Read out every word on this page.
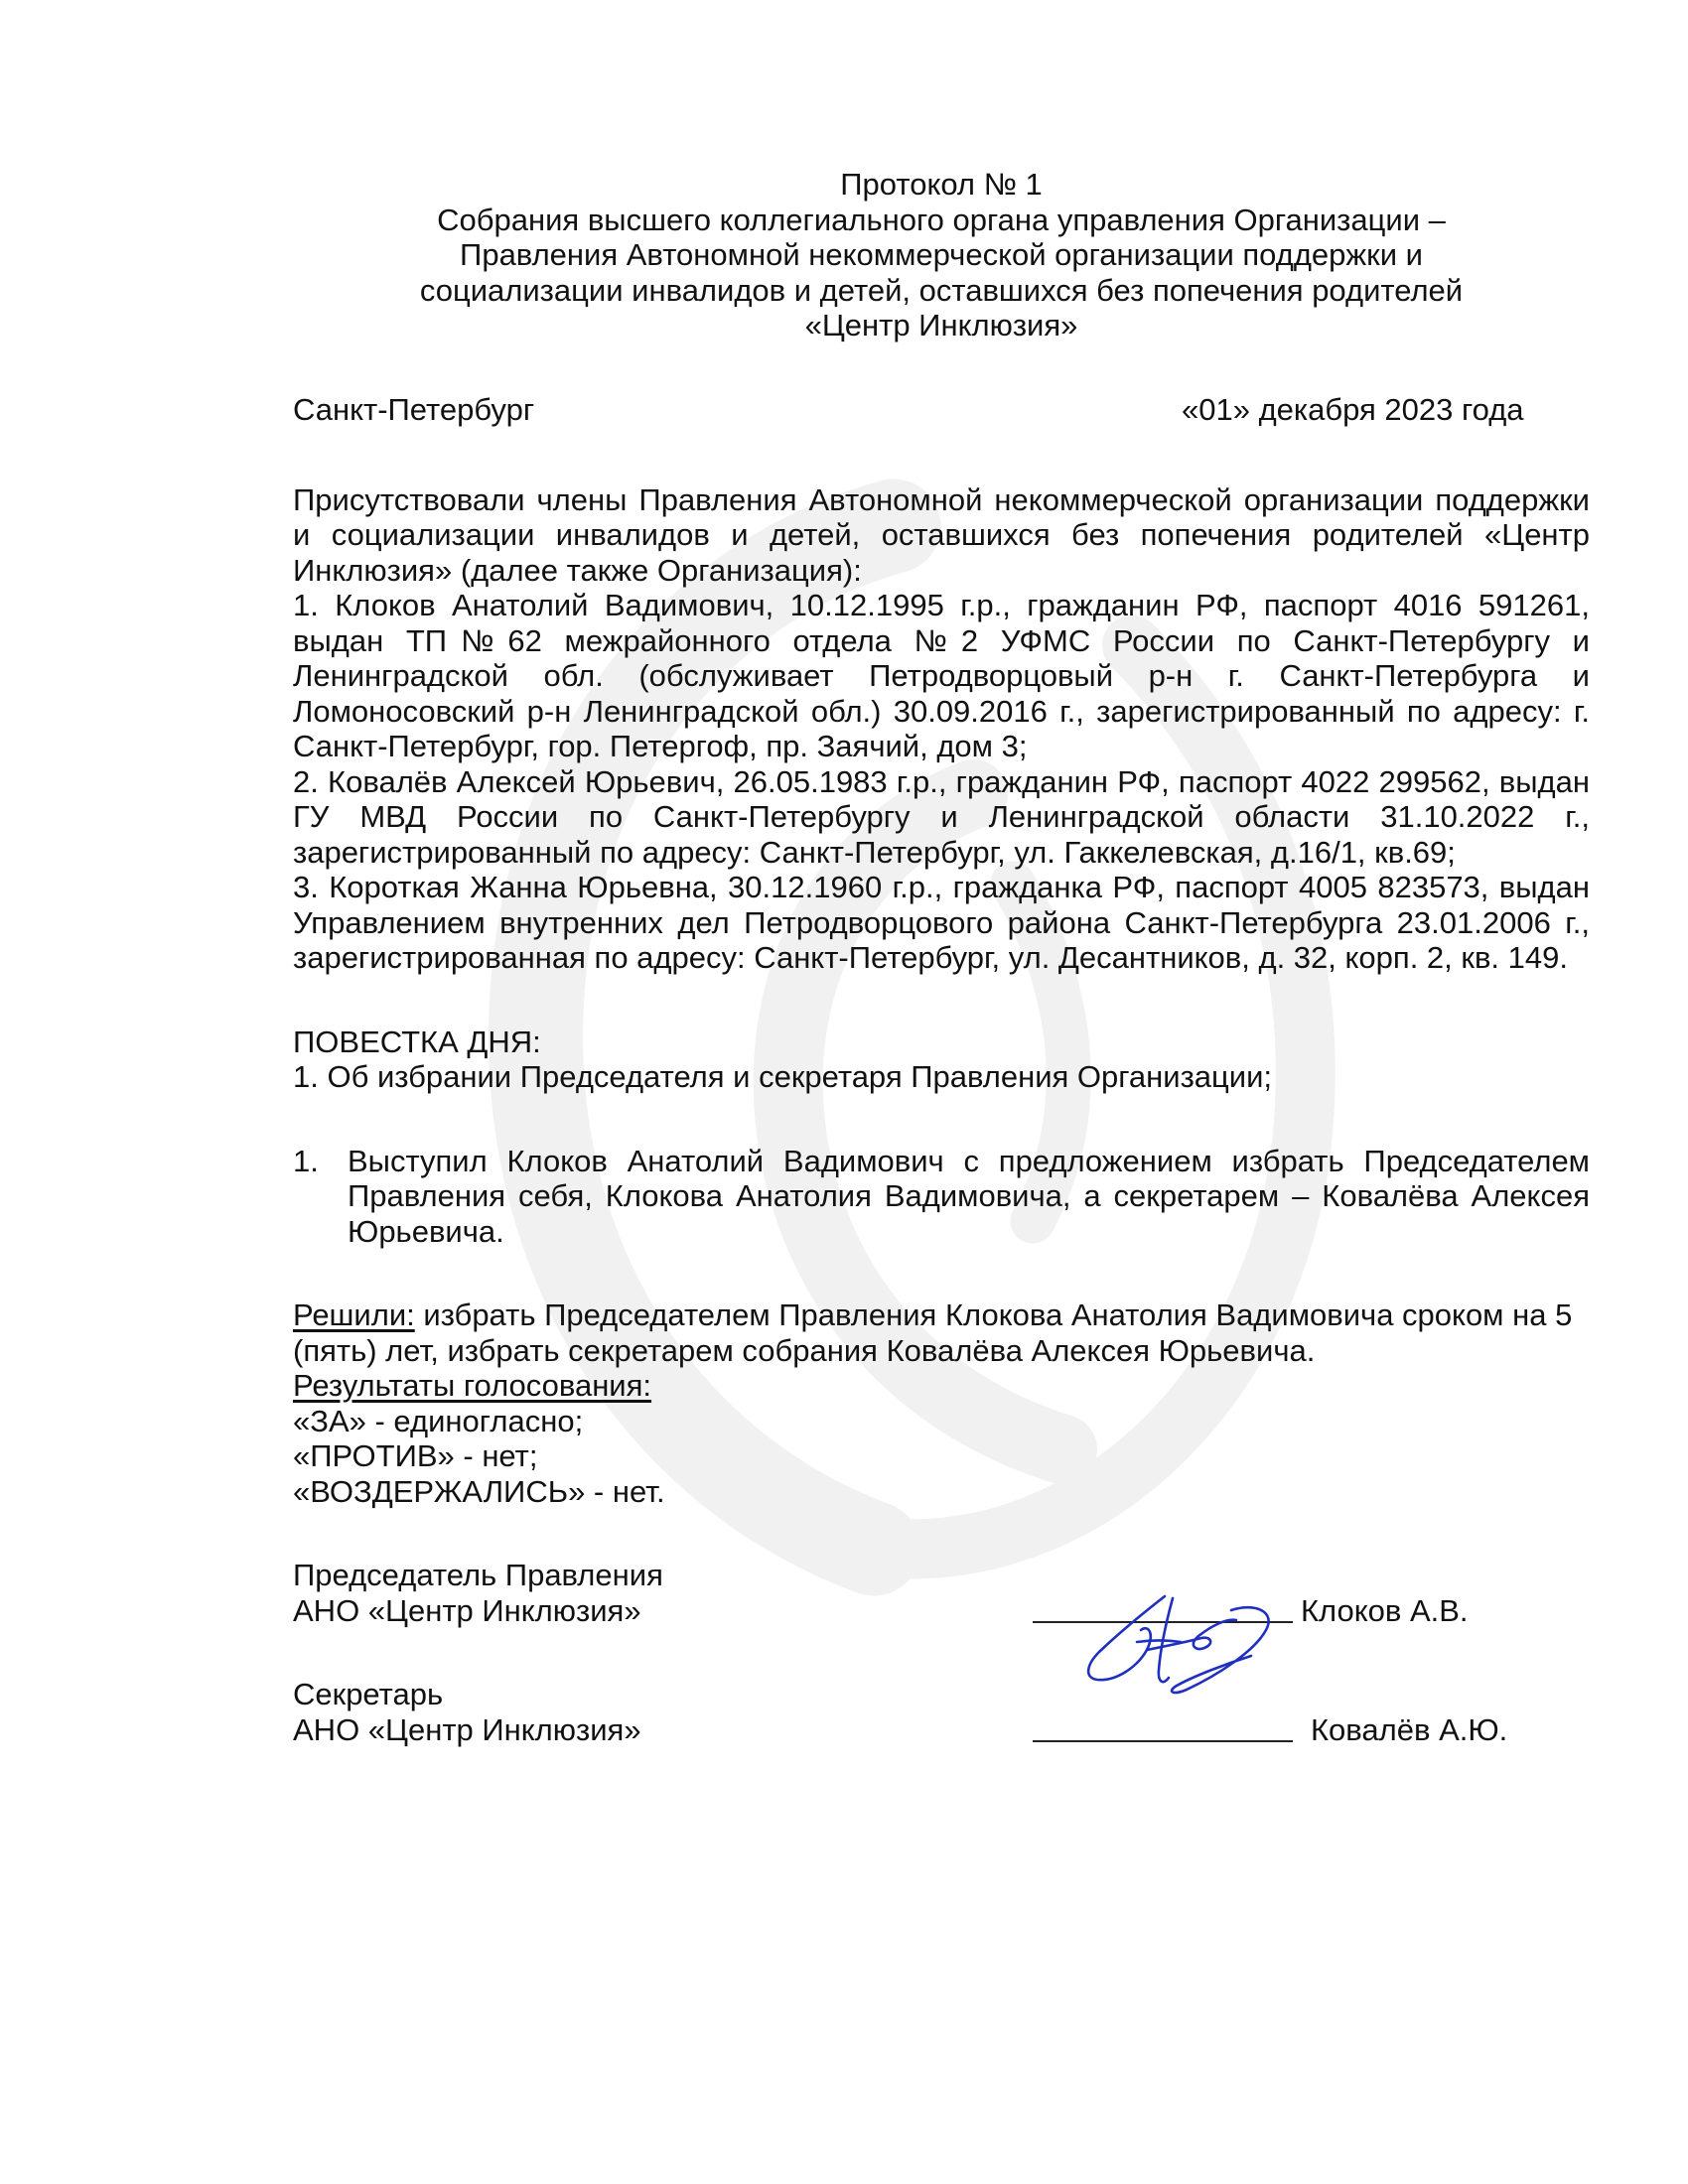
Протокол № 1
Собрания высшего коллегиального органа управления Организации –
Правления Автономной некоммерческой организации поддержки и
социализации инвалидов и детей, оставшихся без попечения родителей
«Центр Инклюзия»
Санкт-Петербург	«01» декабря 2023 года
Присутствовали члены Правления Автономной некоммерческой организации поддержки и социализации инвалидов и детей, оставшихся без попечения родителей «Центр Инклюзия» (далее также Организация):
1. Клоков Анатолий Вадимович, 10.12.1995 г.р., гражданин РФ, паспорт 4016 591261, выдан ТП№62 межрайонного отдела №2 УФМС России по Санкт-Петербургу и Ленинградской обл. (обслуживает Петродворцовый р-н г. Санкт-Петербурга и Ломоносовский р-н Ленинградской обл.) 30.09.2016 г., зарегистрированный по адресу: г. Санкт-Петербург, гор. Петергоф, пр. Заячий, дом 3;
2. Ковалёв Алексей Юрьевич, 26.05.1983 г.р., гражданин РФ, паспорт 4022 299562, выдан ГУ МВД России по Санкт-Петербургу и Ленинградской области 31.10.2022 г., зарегистрированный по адресу: Санкт-Петербург, ул. Гаккелевская, д.16/1, кв.69;
3. Короткая Жанна Юрьевна, 30.12.1960 г.р., гражданка РФ, паспорт 4005 823573, выдан Управлением внутренних дел Петродворцового района Санкт-Петербурга 23.01.2006 г., зарегистрированная по адресу: Санкт-Петербург, ул. Десантников, д. 32, корп. 2, кв. 149.
ПОВЕСТКА ДНЯ:
1. Об избрании Председателя и секретаря Правления Организации;
1. Выступил Клоков Анатолий Вадимович с предложением избрать Председателем Правления себя, Клокова Анатолия Вадимовича, а секретарем – Ковалёва Алексея Юрьевича.
Решили: избрать Председателем Правления Клокова Анатолия Вадимовича сроком на 5 (пять) лет, избрать секретарем собрания Ковалёва Алексея Юрьевича.
Результаты голосования:
«ЗА» - единогласно;
«ПРОТИВ» - нет;
«ВОЗДЕРЖАЛИСЬ» - нет.
Председатель Правления
АНО «Центр Инклюзия»	Клоков А.В.
Секретарь
АНО «Центр Инклюзия»	Ковалёв А.Ю.
